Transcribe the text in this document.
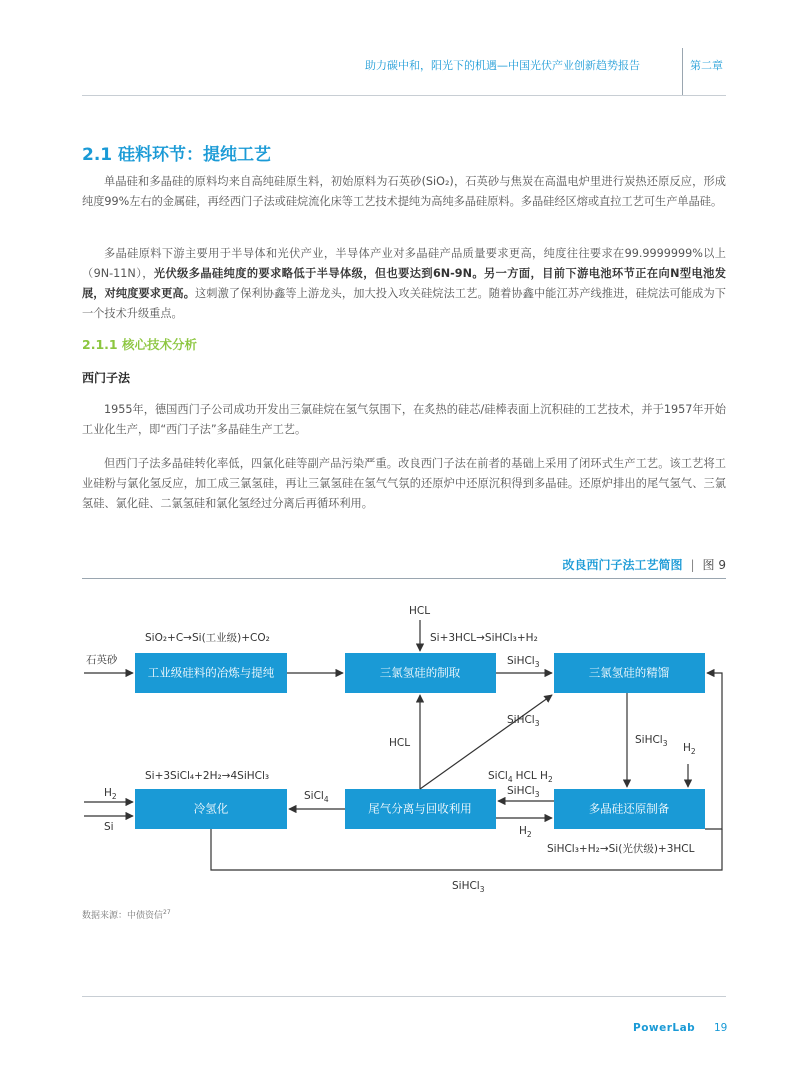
助力碳中和，阳光下的机遇—中国光伏产业创新趋势报告	第二章
2.1 硅料环节：提纯工艺

单晶硅和多晶硅的原料均来自高纯硅原生料，初始原料为石英砂(SiO₂)，石英砂与焦炭在高温电炉里进行炭热还原反应，形成纯度99%左右的金属硅，再经西门子法或硅烷流化床等工艺技术提纯为高纯多晶硅原料。多晶硅经区熔或直拉工艺可生产单晶硅。

多晶硅原料下游主要用于半导体和光伏产业，半导体产业对多晶硅产品质量要求更高，纯度往往要求在99.9999999%以上（9N-11N），光伏级多晶硅纯度的要求略低于半导体级，但也要达到6N-9N。另一方面，目前下游电池环节正在向N型电池发展，对纯度要求更高。这刺激了保利协鑫等上游龙头，加大投入攻关硅烷法工艺。随着协鑫中能江苏产线推进，硅烷法可能成为下一个技术升级重点。

2.1.1 核心技术分析
西门子法

1955年，德国西门子公司成功开发出三氯硅烷在氢气氛围下，在炙热的硅芯/硅棒表面上沉积硅的工艺技术，并于1957年开始工业化生产，即“西门子法”多晶硅生产工艺。

但西门子法多晶硅转化率低，四氯化硅等副产品污染严重。改良西门子法在前者的基础上采用了闭环式生产工艺。该工艺将工业硅粉与氯化氢反应，加工成三氯氢硅，再让三氯氢硅在氢气气氛的还原炉中还原沉积得到多晶硅。还原炉排出的尾气氢气、三氯氢硅、氯化硅、二氯氢硅和氯化氢经过分离后再循环利用。

改良西门子法工艺简图 | 图 9
工业级硅料的冶炼与提纯	三氯氢硅的制取	三氯氢硅的精馏
冷氢化	尾气分离与回收利用	多晶硅还原制备
石英砂
SiO₂+C→Si(工业级)+CO₂
HCL
Si+3HCL→SiHCl₃+H₂
SiHCl$_3$
SiHCl$_3$
HCL	SiHCl$_3$ $H_2$
Si+3SiCl₄+2H₂→4SiHCl₃
SiCl$_4$
SiCl$_4$ HCL $H_2$
SiHCl$_3$
$H_2$
$H_2$
Si
SiHCl₃+H₂→Si(光伏级)+3HCL
SiHCl$_3$
数据来源：中债资信$^{27}$
PowerLab 19
